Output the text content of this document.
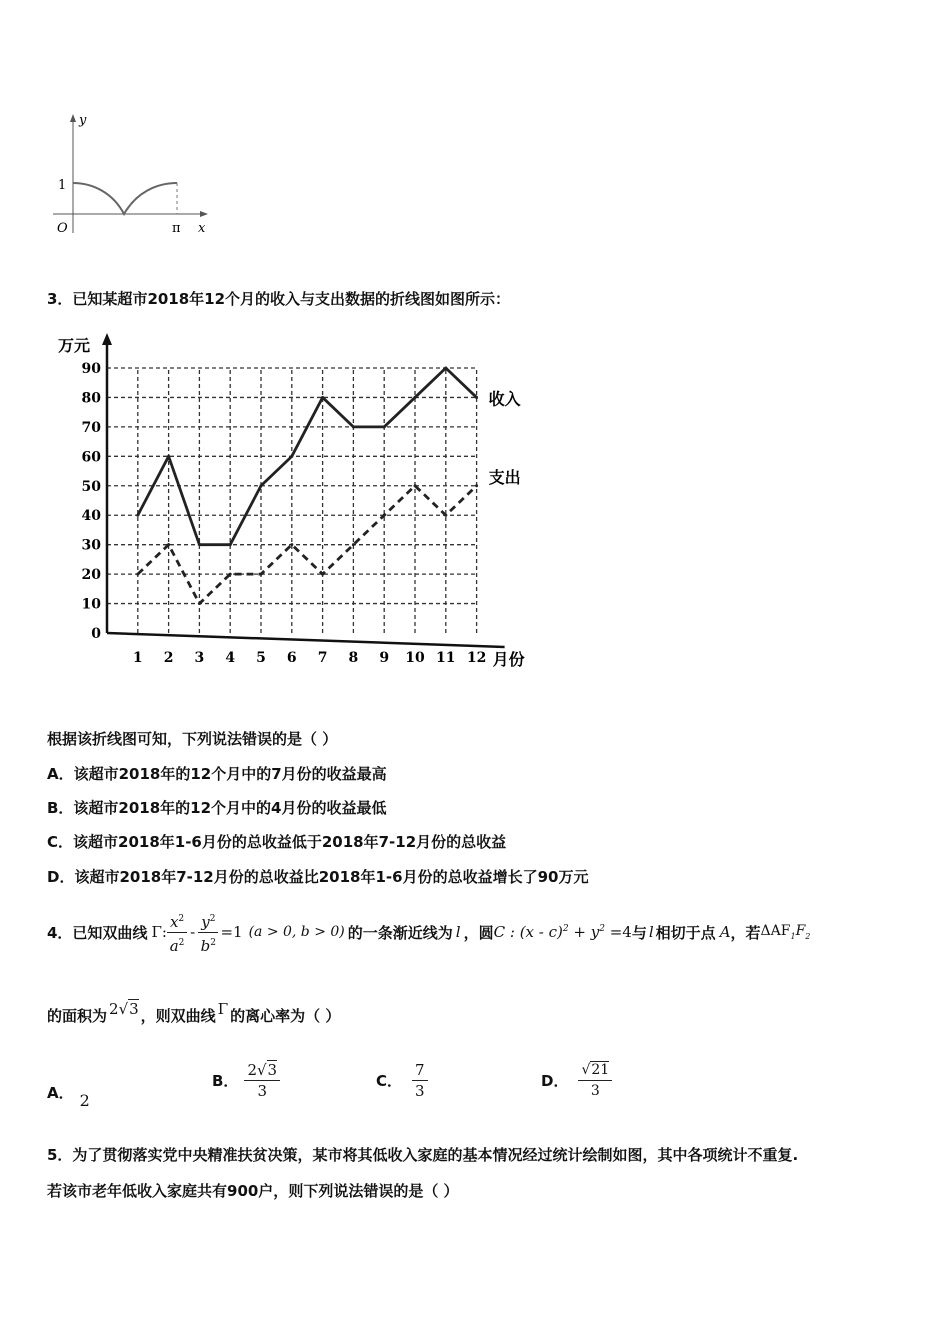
y
1
O	π x
3．已知某超市2018年12个月的收入与支出数据的折线图如图所示：
0
10
20
30
40
50
60
70
80
90
1 2 3 4 5 6 7 8 9 10 11 12
万元
月份
收入
支出
根据该折线图可知，下列说法错误的是（ ）
A．该超市2018年的12个月中的7月份的收益最高
B．该超市2018年的12个月中的4月份的收益最低
C．该超市2018年1-6月份的总收益低于2018年7-12月份的总收益
D．该超市2018年7-12月份的总收益比2018年1-6月份的总收益增长了90万元
4．已知双曲线 Γ : $\frac{x^2}{a^2} - \frac{y^2}{b^2} =1$ (a > 0, b > 0) 的一条渐近线为 l ，圆 C : $(x - c)^2 + y^2 =4$ 与 l 相切于点 A ，若 $\Delta AF_1F_2$
的面积为 2√3 ，则双曲线 Γ 的离心率为（ ）
A． 2
B． $\frac{2√3}{3}$	C． $\frac{7}{3}$	D． $\frac{√21}{3}$
5．为了贯彻落实党中央精准扶贫决策，某市将其低收入家庭的基本情况经过统计绘制如图，其中各项统计不重复.
若该市老年低收入家庭共有900户，则下列说法错误的是（ ）
